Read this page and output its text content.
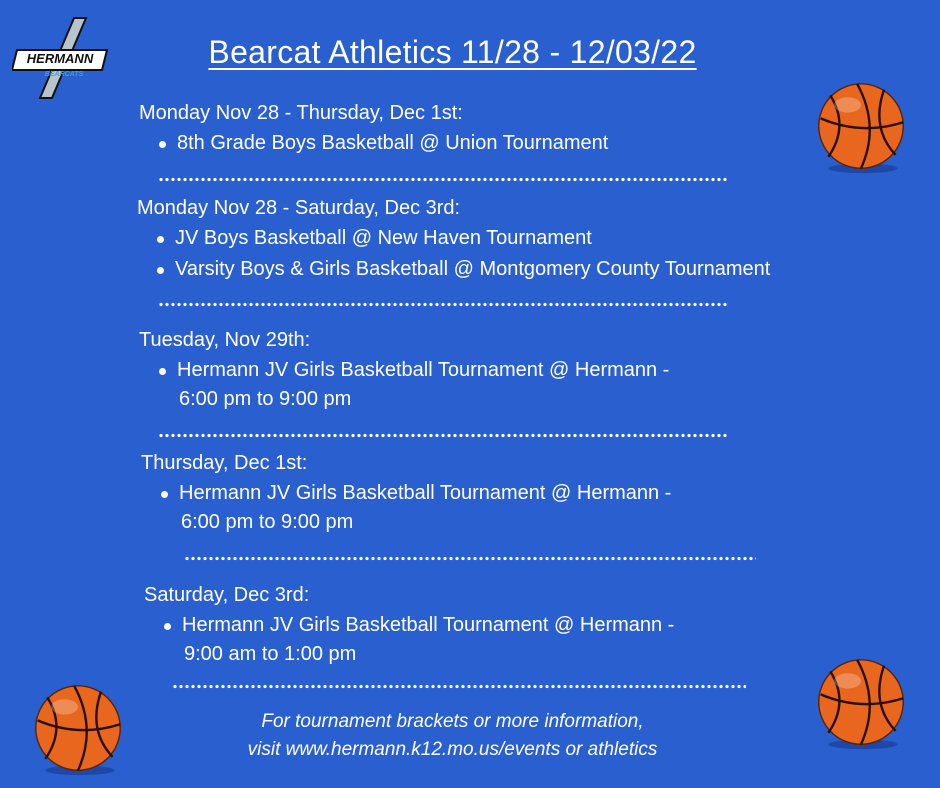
HERMANN
BEARCATS
Bearcat Athletics 11/28 - 12/03/22
Monday Nov 28 - Thursday, Dec 1st:
8th Grade Boys Basketball @ Union Tournament
Monday Nov 28 - Saturday, Dec 3rd:
JV Boys Basketball @ New Haven Tournament
Varsity Boys & Girls Basketball @ Montgomery County Tournament
Tuesday, Nov 29th:
Hermann JV Girls Basketball Tournament @ Hermann -
6:00 pm to 9:00 pm
Thursday, Dec 1st:
Hermann JV Girls Basketball Tournament @ Hermann -
6:00 pm to 9:00 pm
Saturday, Dec 3rd:
Hermann JV Girls Basketball Tournament @ Hermann -
9:00 am to 1:00 pm
For tournament brackets or more information,
visit www.hermann.k12.mo.us/events or athletics
